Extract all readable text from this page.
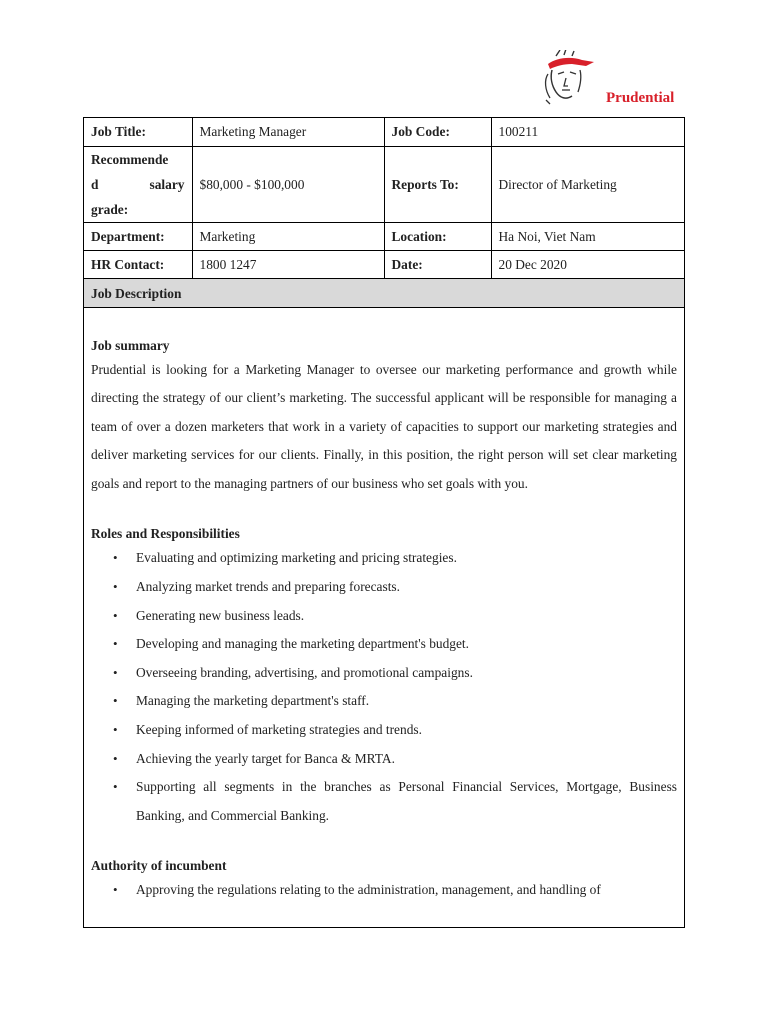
Prudential
Job Title:	Marketing Manager	Job Code:	100211

Recommende
d salary
grade:	$80,000 - $100,000	Reports To:	Director of Marketing
Department:	Marketing	Location:	Ha Noi, Viet Nam
HR Contact:	1800 1247	Date:	20 Dec 2020
Job Description
Job summary

Prudential is looking for a Marketing Manager to oversee our marketing performance and growth while directing the strategy of our client’s marketing. The successful applicant will be responsible for managing a team of over a dozen marketers that work in a variety of capacities to support our marketing strategies and deliver marketing services for our clients. Finally, in this position, the right person will set clear marketing goals and report to the managing partners of our business who set goals with you.

Roles and Responsibilities
• Evaluating and optimizing marketing and pricing strategies.
• Analyzing market trends and preparing forecasts.
• Generating new business leads.
• Developing and managing the marketing department's budget.
• Overseeing branding, advertising, and promotional campaigns.
• Managing the marketing department's staff.
• Keeping informed of marketing strategies and trends.
• Achieving the yearly target for Banca & MRTA.
• Supporting all segments in the branches as Personal Financial Services, Mortgage, Business Banking, and Commercial Banking.
Authority of incumbent
• Approving the regulations relating to the administration, management, and handling of
